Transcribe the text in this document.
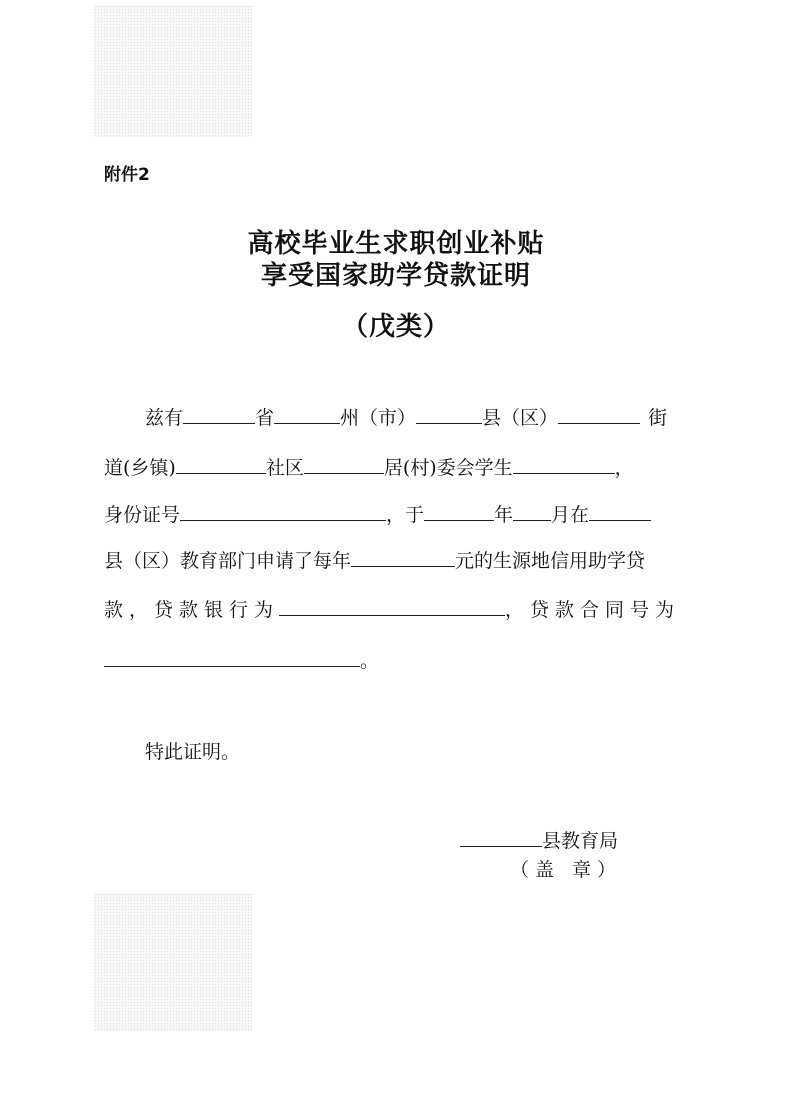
附件2
高校毕业生求职创业补贴
享受国家助学贷款证明
（戊类）
兹有	省	州（市）	县（区）	街
道(乡镇)	社区	居(村)委会学生	，
身份证号	，于	年 月在
县（区）教育部门申请了每年	元的生源地信用助学贷
款，贷款银行为	，贷款合同号为
。
特此证明。
县教育局
（盖 章）
